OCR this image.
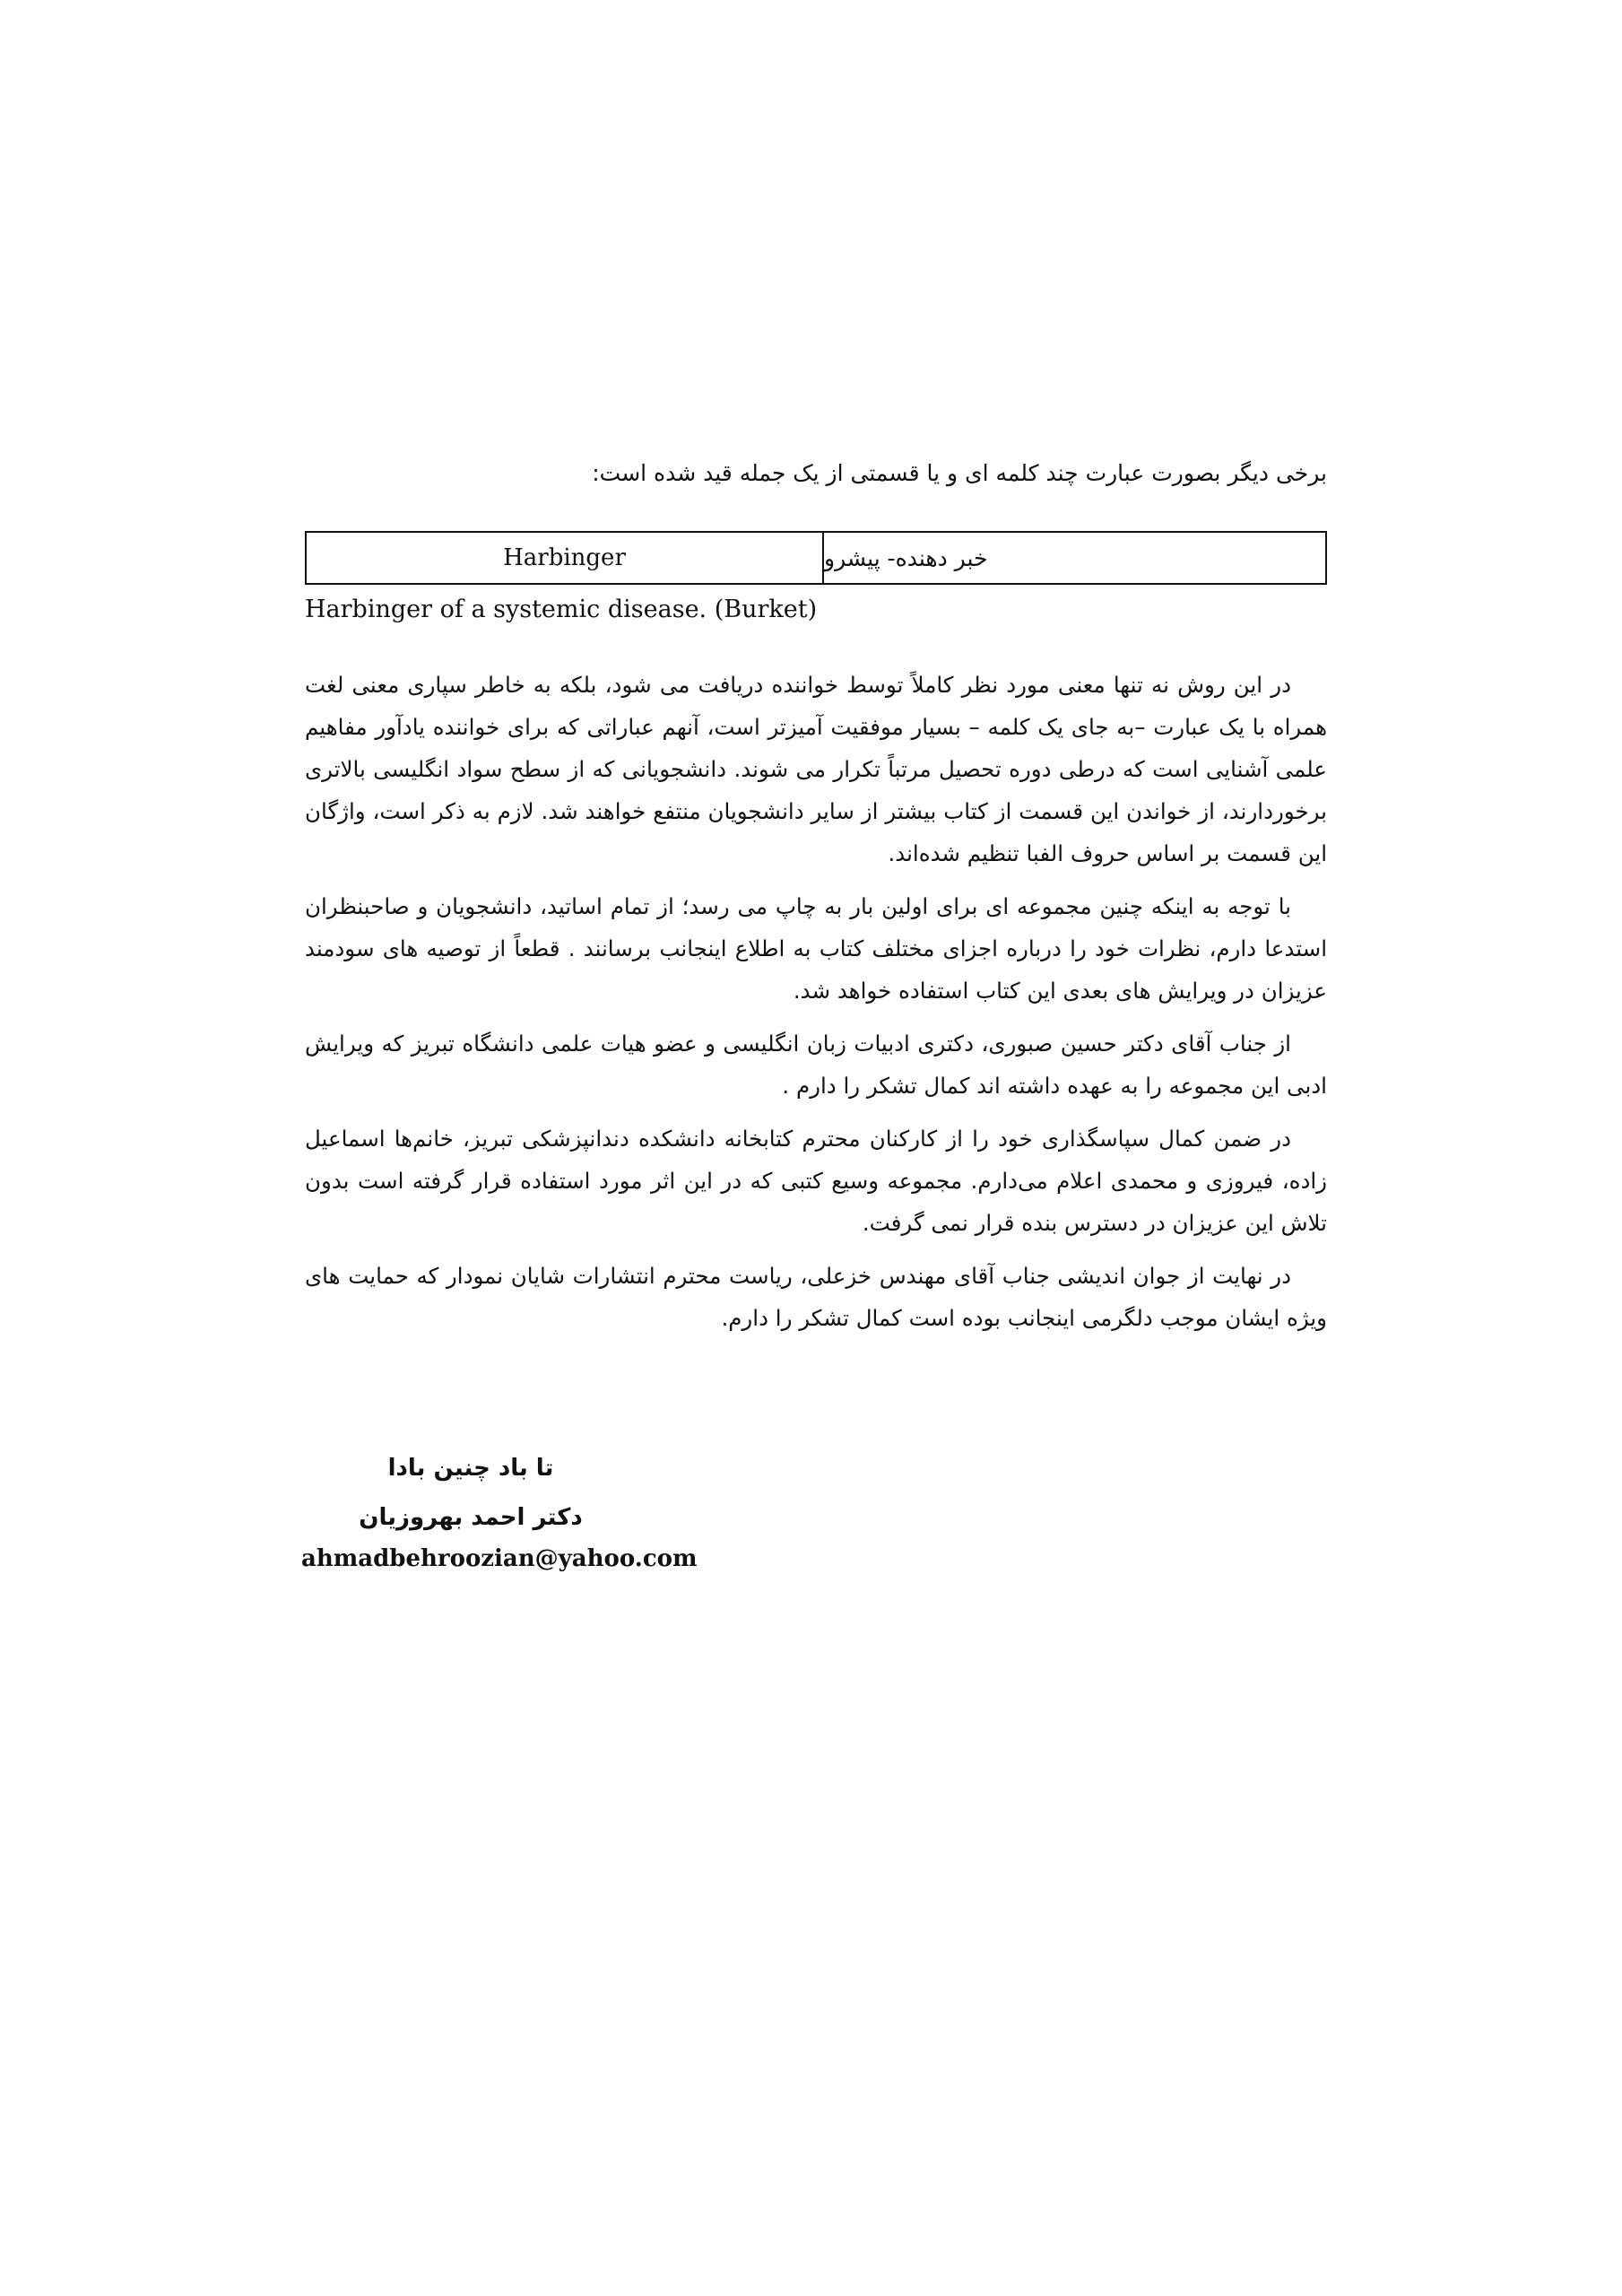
برخی دیگر بصورت عبارت چند کلمه ای و یا قسمتی از یک جمله قید شده است:
Harbinger	خبر دهنده- پیشرو
Harbinger of a systemic disease. (Burket)

در این روش نه تنها معنی مورد نظر کاملاً توسط خواننده دریافت می شود، بلکه به خاطر سپاری معنی لغت همراه با یک عبارت –به جای یک کلمه – بسیار موفقیت آمیزتر است، آنهم عباراتی که برای خواننده یادآور مفاهیم علمی آشنایی است که درطی دوره تحصیل مرتباً تکرار می شوند. دانشجویانی که از سطح سواد انگلیسی بالاتری برخوردارند، از خواندن این قسمت از کتاب بیشتر از سایر دانشجویان منتفع خواهند شد. لازم به ذکر است، واژگان این قسمت بر اساس حروف الفبا تنظیم شده‌اند.

با توجه به اینکه چنین مجموعه ای برای اولین بار به چاپ می رسد؛ از تمام اساتید، دانشجویان و صاحبنظران استدعا دارم، نظرات خود را درباره اجزای مختلف کتاب به اطلاع اینجانب برسانند . قطعاً از توصیه های سودمند عزیزان در ویرایش های بعدی این کتاب استفاده خواهد شد.

از جناب آقای دکتر حسین صبوری، دکتری ادبیات زبان انگلیسی و عضو هیات علمی دانشگاه تبریز که ویرایش ادبی این مجموعه را به عهده داشته اند کمال تشکر را دارم .

در ضمن کمال سپاسگذاری خود را از کارکنان محترم کتابخانه دانشکده دندانپزشکی تبریز، خانم‌ها اسماعیل زاده، فیروزی و محمدی اعلام می‌دارم. مجموعه وسیع کتبی که در این اثر مورد استفاده قرار گرفته است بدون تلاش این عزیزان در دسترس بنده قرار نمی گرفت.

در نهایت از جوان اندیشی جناب آقای مهندس خزعلی، ریاست محترم انتشارات شایان نمودار که حمایت های ویژه ایشان موجب دلگرمی اینجانب بوده است کمال تشکر را دارم.

تا باد چنین بادا
دکتر احمد بهروزیان
ahmadbehroozian@yahoo.com
